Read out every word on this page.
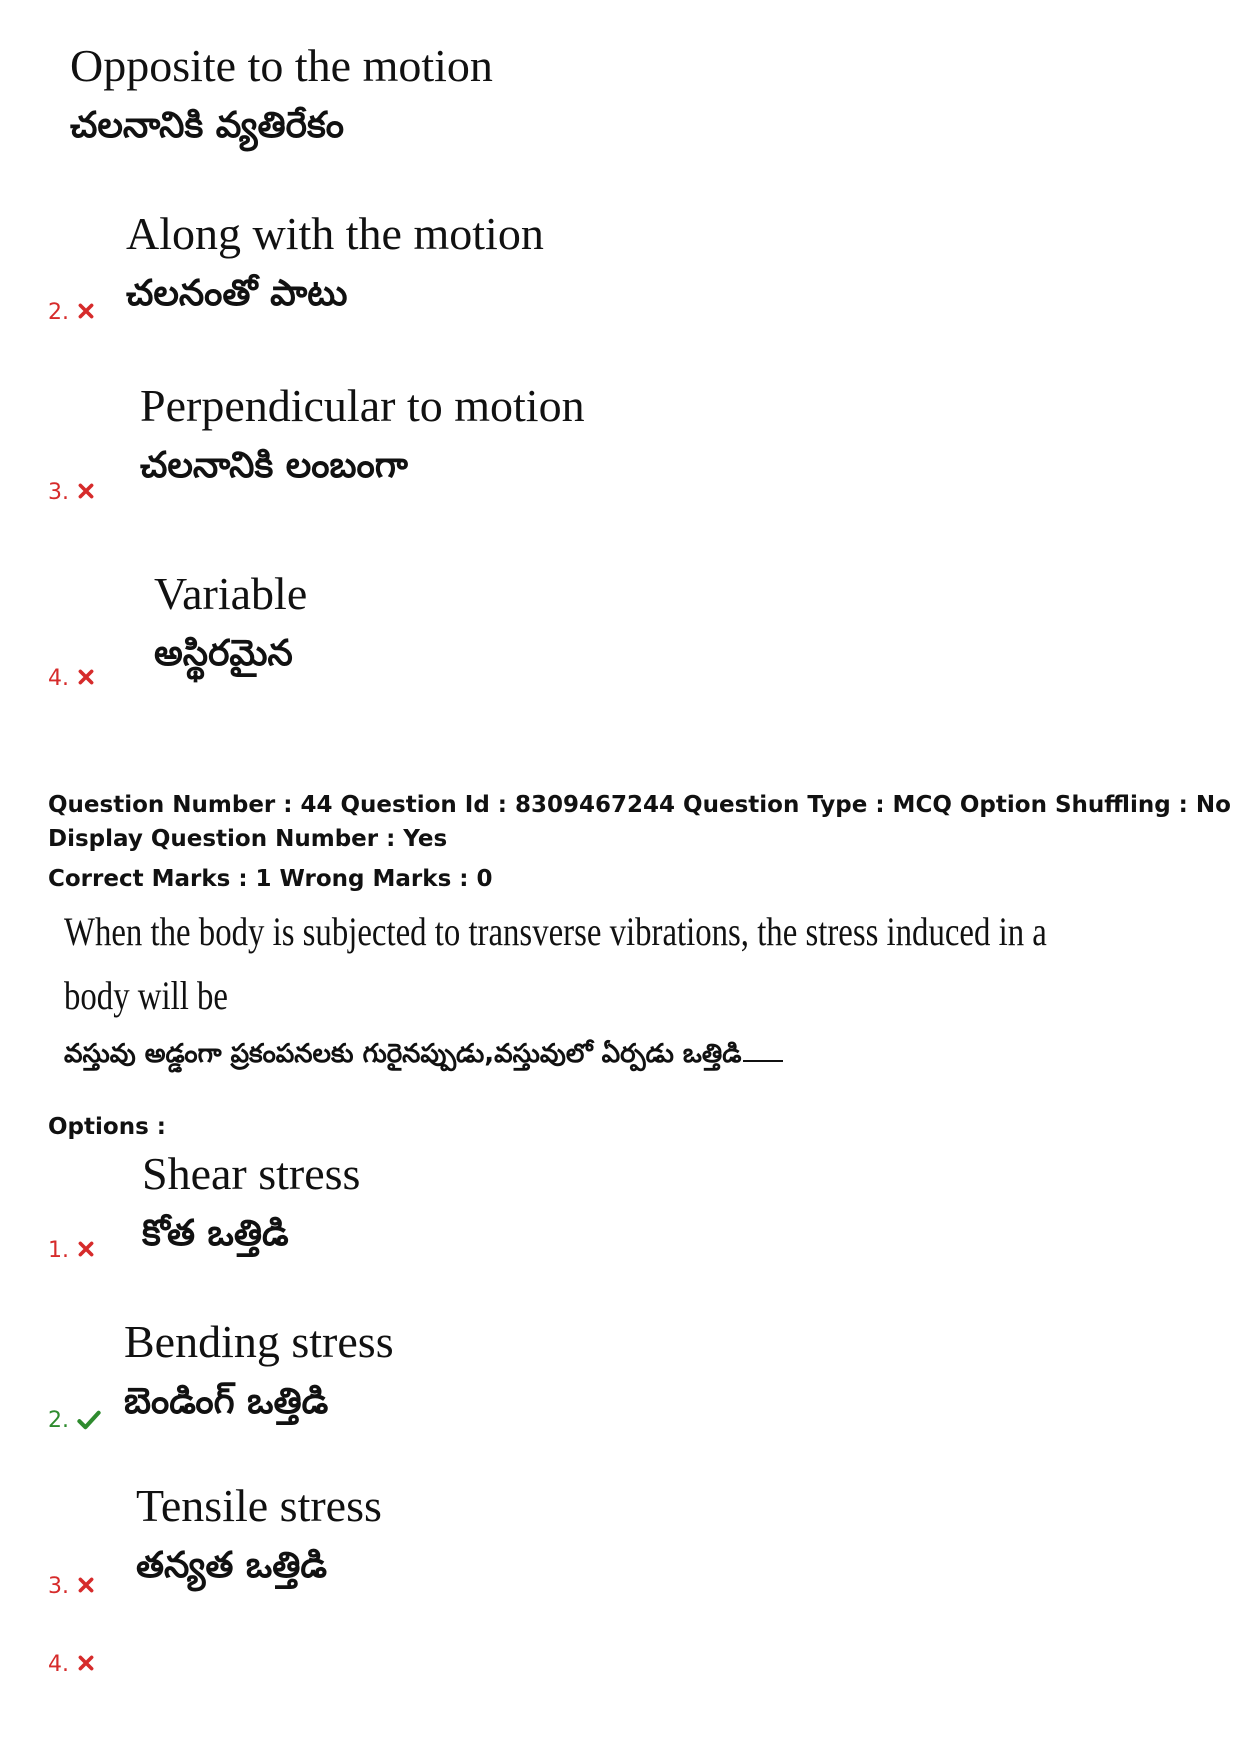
Opposite to the motion

చలనానికి వ్యతిరేకం

Along with the motion

చలనంతో పాటు

2.

Perpendicular to motion

చలనానికి లంబంగా

3.

Variable

అస్థిరమైన

4.
Question Number : 44 Question Id : 8309467244 Question Type : MCQ Option Shuffling : No
Display Question Number : Yes
Correct Marks : 1 Wrong Marks : 0
When the body is subjected to transverse vibrations, the stress induced in a
body will be
వస్తువు అడ్డంగా ప్రకంపనలకు గురైనప్పుడు,వస్తువులో ఏర్పడు ఒత్తిడి
Options :

Shear stress

కోత ఒత్తిడి

1.

Bending stress

బెండింగ్ ఒత్తిడి

2.

Tensile stress

తన్యత ఒత్తిడి

3.
4.
